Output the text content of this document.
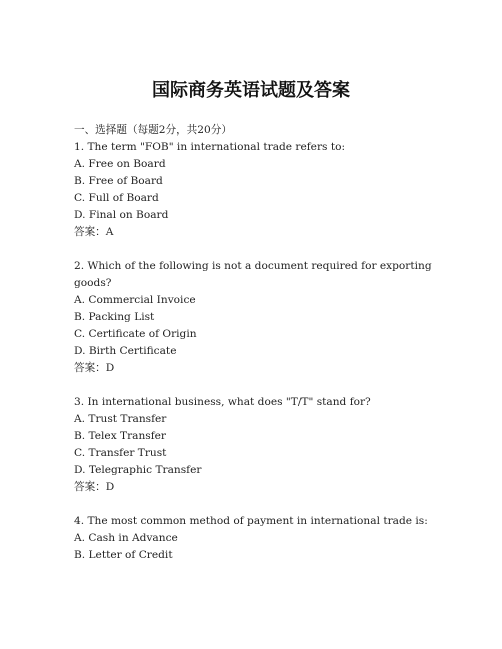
国际商务英语试题及答案
一、选择题（每题2分，共20分）
1. The term "FOB" in international trade refers to:
A. Free on Board
B. Free of Board
C. Full of Board
D. Final on Board
答案：A
2. Which of the following is not a document required for exporting goods?
A. Commercial Invoice
B. Packing List
C. Certificate of Origin
D. Birth Certificate
答案：D
3. In international business, what does "T/T" stand for?
A. Trust Transfer
B. Telex Transfer
C. Transfer Trust
D. Telegraphic Transfer
答案：D
4. The most common method of payment in international trade is:
A. Cash in Advance
B. Letter of Credit
